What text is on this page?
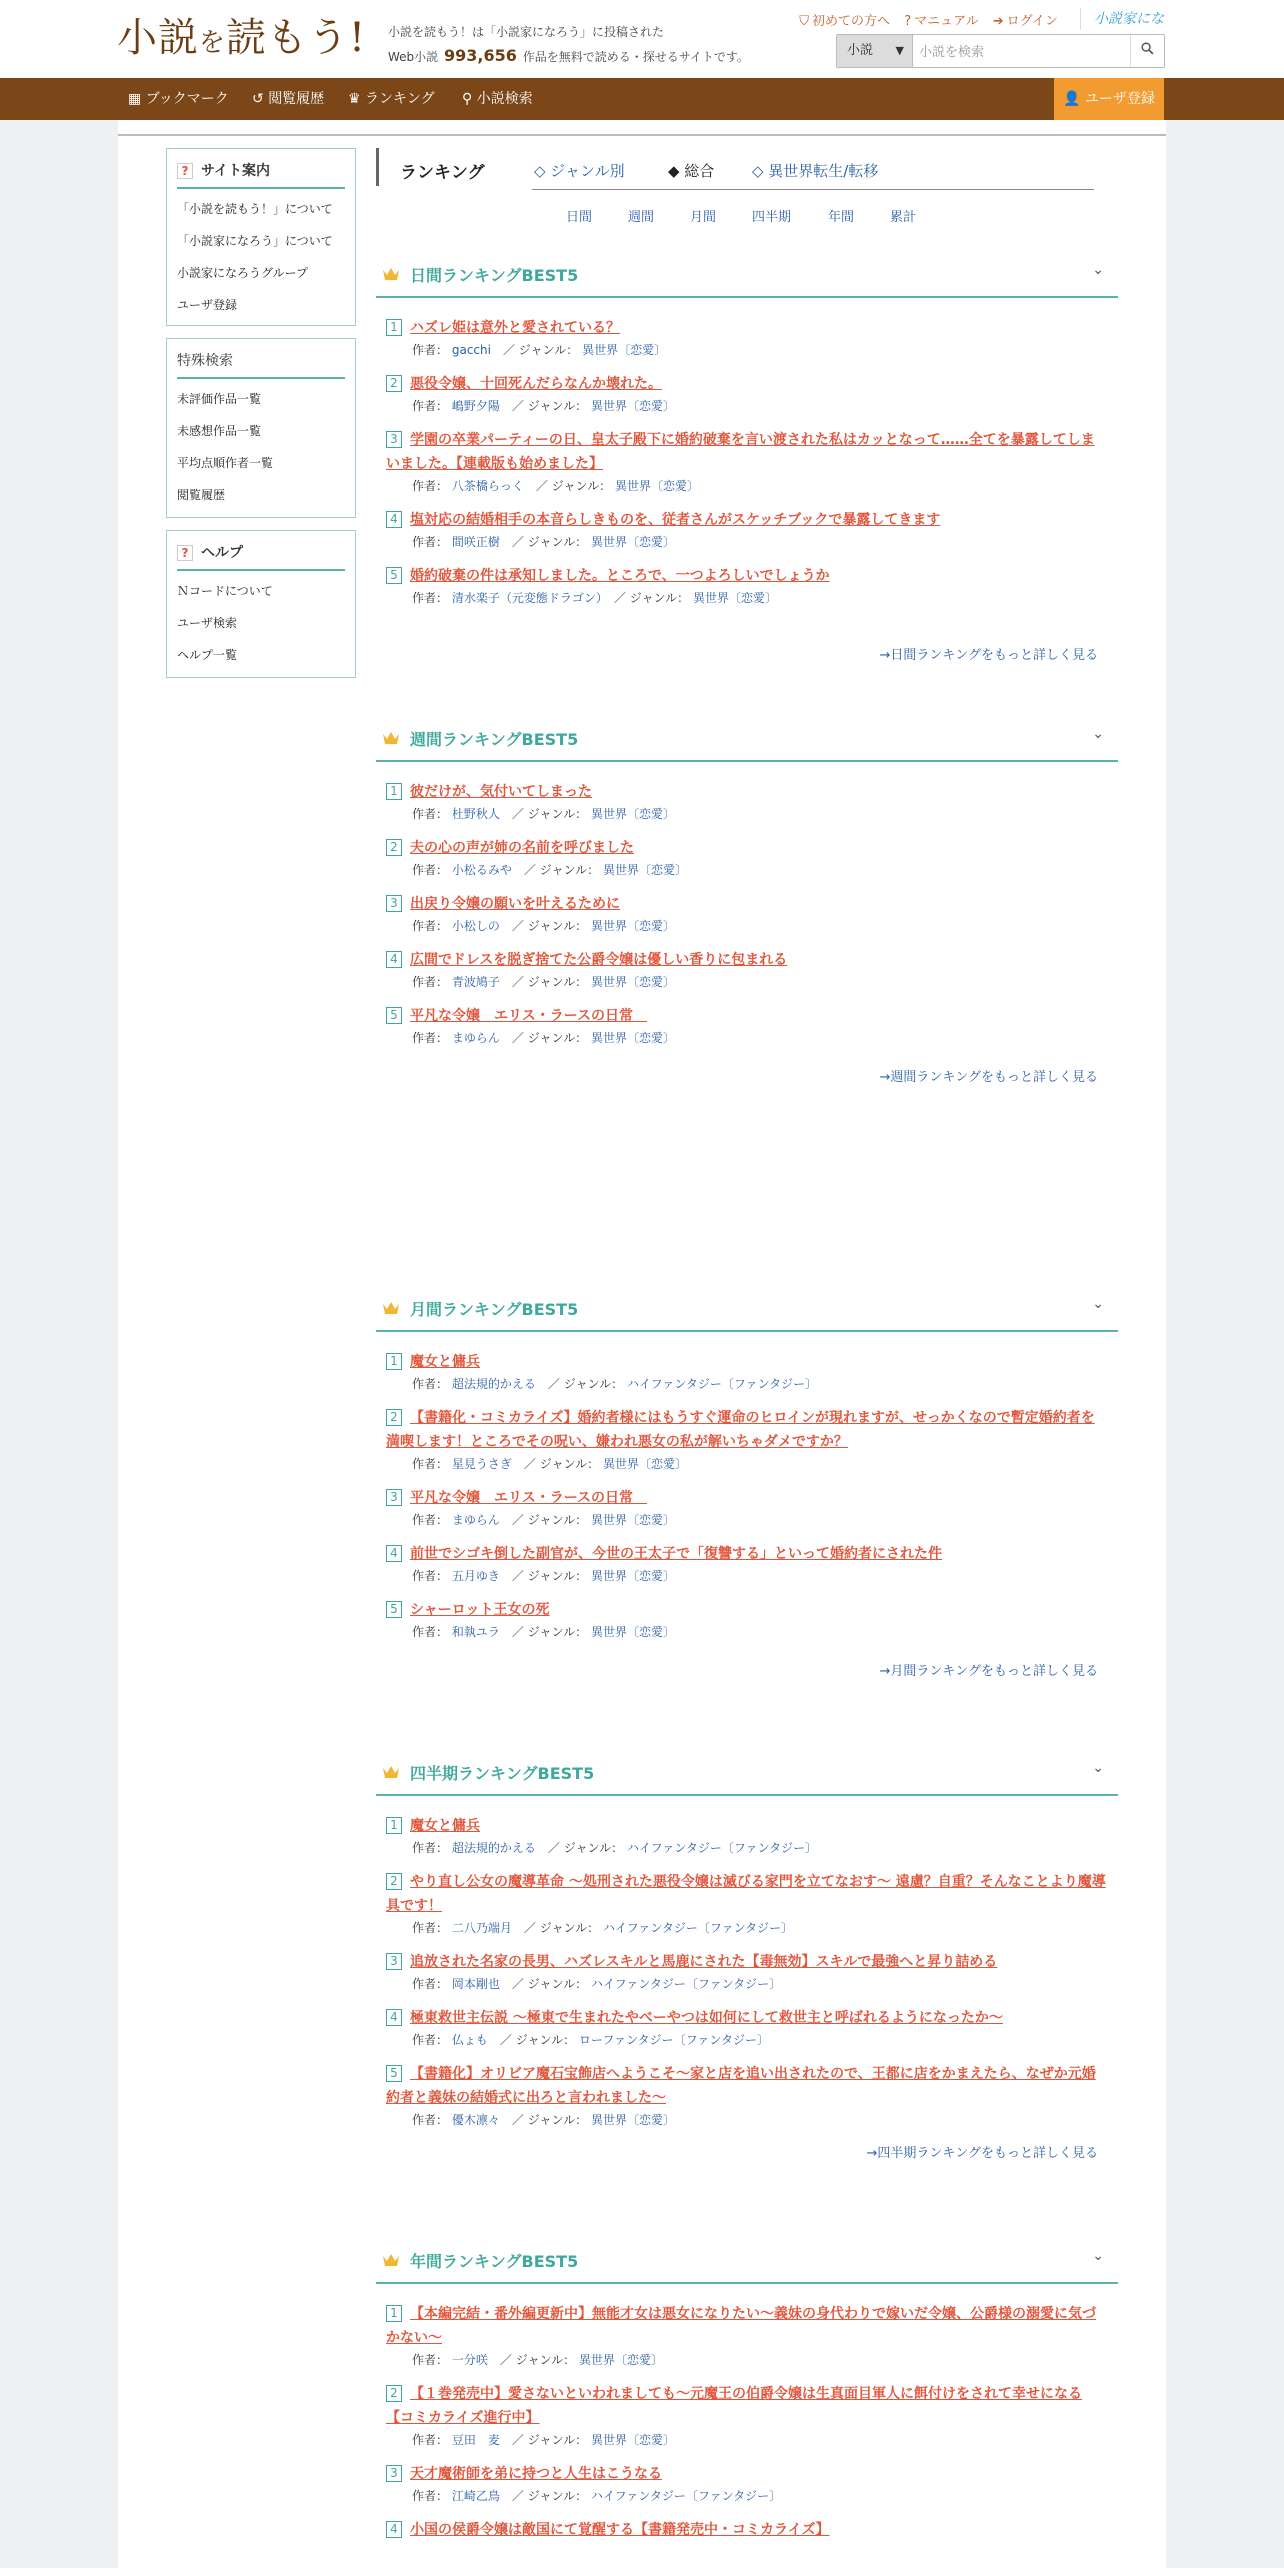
小説を読もう! 小説を読もう！は「小説家になろう」に投稿された
Web小説 993,656 作品を無料で読める・探せるサイトです。
⛉ 初めての方へ ? マニュアル ➔ ログイン	小説家にな
小説 ▼
小説を検索
▦ ブックマーク ↺ 閲覧履歴 ♛ ランキング ⚲ 小説検索	👤 ユーザ登録
? サイト案内
「小説を読もう！」について
「小説家になろう」について
小説家になろうグループ
ユーザ登録
特殊検索
未評価作品一覧
未感想作品一覧
平均点順作者一覧
閲覧履歴
? ヘルプ
Ｎコードについて
ユーザ検索
ヘルプ一覧
ランキング	◇ ジャンル別	◆ 総合	◇ 異世界転生/転移
日間	週間	月間	四半期	年間	累計
日間ランキングBEST5	⌄
1 ハズレ姫は意外と愛されている？
作者： gacchi　 ／ ジャンル： 異世界〔恋愛〕
2 悪役令嬢、十回死んだらなんか壊れた。
作者： 嶋野夕陽　 ／ ジャンル： 異世界〔恋愛〕
3 学園の卒業パーティーの日、皇太子殿下に婚約破棄を言い渡された私はカッとなって……全てを暴露してしまいました。【連載版も始めました】
作者： 八茶橋らっく　 ／ ジャンル： 異世界〔恋愛〕
4 塩対応の結婚相手の本音らしきものを、従者さんがスケッチブックで暴露してきます
作者： 間咲正樹　 ／ ジャンル： 異世界〔恋愛〕
5 婚約破棄の件は承知しました。ところで、一つよろしいでしょうか
作者： 清水楽子（元変態ドラゴン）　 ／ ジャンル： 異世界〔恋愛〕
→日間ランキングをもっと詳しく見る
週間ランキングBEST5	⌄
1 彼だけが、気付いてしまった
作者： 杜野秋人　 ／ ジャンル： 異世界〔恋愛〕
2 夫の心の声が姉の名前を呼びました
作者： 小松るみや　 ／ ジャンル： 異世界〔恋愛〕
3 出戻り令嬢の願いを叶えるために
作者： 小松しの　 ／ ジャンル： 異世界〔恋愛〕
4 広間でドレスを脱ぎ捨てた公爵令嬢は優しい香りに包まれる
作者： 青波鳩子　 ／ ジャンル： 異世界〔恋愛〕
5 平凡な令嬢　エリス・ラースの日常　
作者： まゆらん　 ／ ジャンル： 異世界〔恋愛〕
→週間ランキングをもっと詳しく見る
月間ランキングBEST5	⌄
1 魔女と傭兵
作者： 超法規的かえる　 ／ ジャンル： ハイファンタジー〔ファンタジー〕
2 【書籍化・コミカライズ】婚約者様にはもうすぐ運命のヒロインが現れますが、せっかくなので暫定婚約者を満喫します！ところでその呪い、嫌われ悪女の私が解いちゃダメですか？
作者： 星見うさぎ　 ／ ジャンル： 異世界〔恋愛〕
3 平凡な令嬢　エリス・ラースの日常　
作者： まゆらん　 ／ ジャンル： 異世界〔恋愛〕
4 前世でシゴキ倒した副官が、今世の王太子で「復讐する」といって婚約者にされた件
作者： 五月ゆき　 ／ ジャンル： 異世界〔恋愛〕
5 シャーロット王女の死
作者： 和執ユラ　 ／ ジャンル： 異世界〔恋愛〕
→月間ランキングをもっと詳しく見る
四半期ランキングBEST5	⌄
1 魔女と傭兵
作者： 超法規的かえる　 ／ ジャンル： ハイファンタジー〔ファンタジー〕
2 やり直し公女の魔導革命 〜処刑された悪役令嬢は滅びる家門を立てなおす〜 遠慮？自重？そんなことより魔導具です！
作者： 二八乃端月　 ／ ジャンル： ハイファンタジー〔ファンタジー〕
3 追放された名家の長男、ハズレスキルと馬鹿にされた【毒無効】スキルで最強へと昇り詰める
作者： 岡本剛也　 ／ ジャンル： ハイファンタジー〔ファンタジー〕
4 極東救世主伝説 ～極東で生まれたやべーやつは如何にして救世主と呼ばれるようになったか～
作者： 仏ょも　 ／ ジャンル： ローファンタジー〔ファンタジー〕
5 【書籍化】オリビア魔石宝飾店へようこそ～家と店を追い出されたので、王都に店をかまえたら、なぜか元婚約者と義妹の結婚式に出ろと言われました～
作者： 優木凛々　 ／ ジャンル： 異世界〔恋愛〕
→四半期ランキングをもっと詳しく見る
年間ランキングBEST5	⌄
1 【本編完結・番外編更新中】無能才女は悪女になりたい～義妹の身代わりで嫁いだ令嬢、公爵様の溺愛に気づかない～
作者： 一分咲　 ／ ジャンル： 異世界〔恋愛〕
2 【１巻発売中】愛さないといわれましても～元魔王の伯爵令嬢は生真面目軍人に餌付けをされて幸せになる【コミカライズ進行中】
作者： 豆田　麦　 ／ ジャンル： 異世界〔恋愛〕
3 天才魔術師を弟に持つと人生はこうなる
作者： 江崎乙鳥　 ／ ジャンル： ハイファンタジー〔ファンタジー〕
4 小国の侯爵令嬢は敵国にて覚醒する【書籍発売中・コミカライズ】
